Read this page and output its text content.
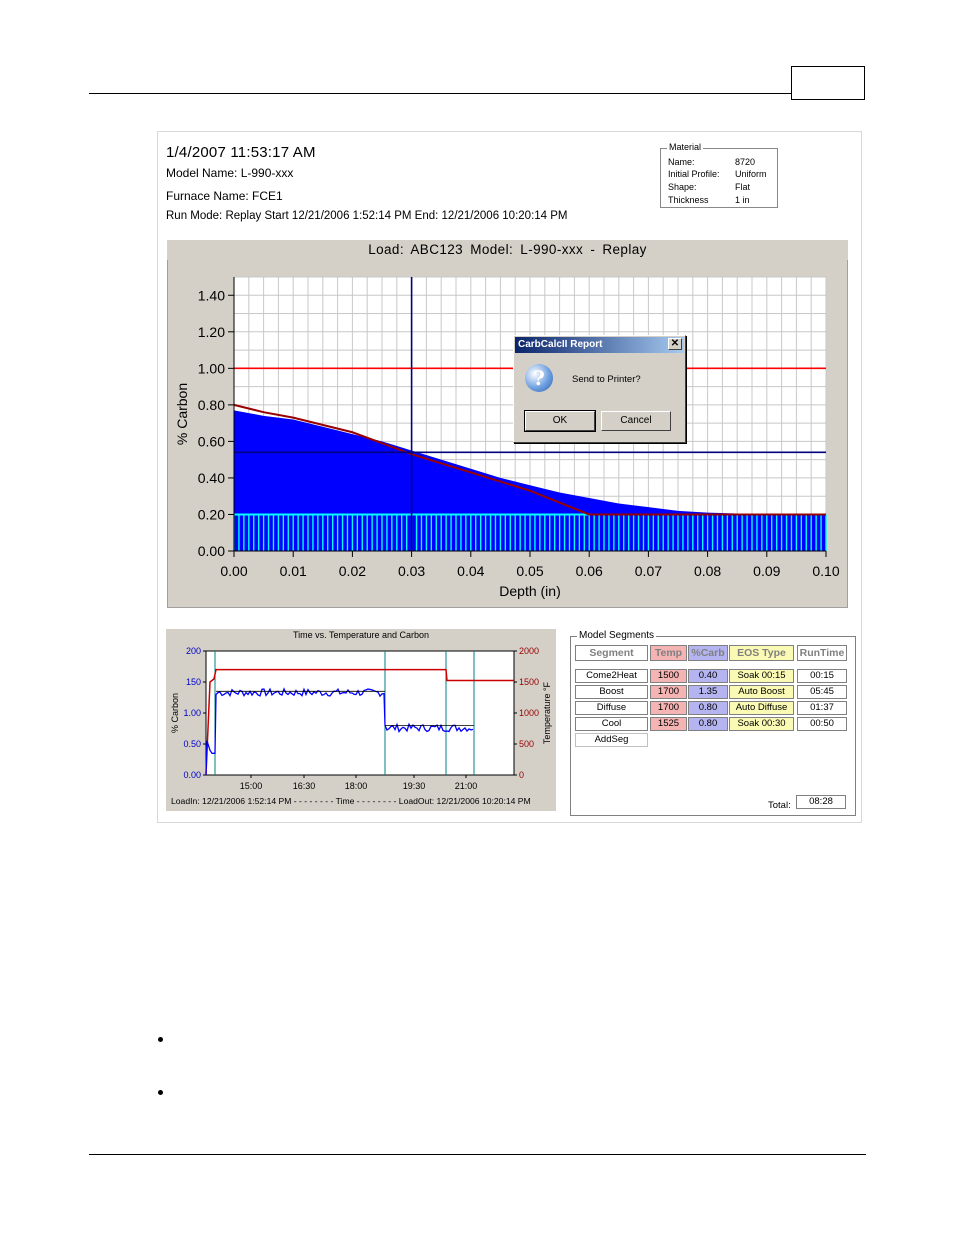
1/4/2007 11:53:17 AM
Model Name: L-990-xxx
Furnace Name: FCE1
Run Mode: Replay Start 12/21/2006 1:52:14 PM End: 12/21/2006 10:20:14 PM
Material
Name:	8720
Initial Profile: Uniform
Shape:	Flat
Thickness	1 in
Load: ABC123 Model: L-990-xxx - Replay
0.00
0.20
0.40
0.60
0.80
1.00
1.20
1.40
0.00 0.01 0.02 0.03 0.04 0.05 0.06 0.07 0.08 0.09 0.10
Depth (in)
% Carbon
CarbCalcII Report	✕
?	Send to Printer?
OK	Cancel
Time vs. Temperature and Carbon
0.00
0.50
1.00
150
200
0
500
1000
1500
2000
15:00	16:30	18:00	19:30	21:00
% Carbon	Temperature °F
LoadIn: 12/21/2006 1:52:14 PM - - - - - - - - Time - - - - - - - - LoadOut: 12/21/2006 10:20:14 PM
Model Segments
Segment	Temp %Carb	EOS Type	RunTime
Come2Heat	1500	0.40	Soak 00:15	00:15
Boost	1700	1.35	Auto Boost	05:45
Diffuse	1700	0.80	Auto Diffuse	01:37
Cool	1525	0.80	Soak 00:30	00:50
AddSeg
Total:	08:28
